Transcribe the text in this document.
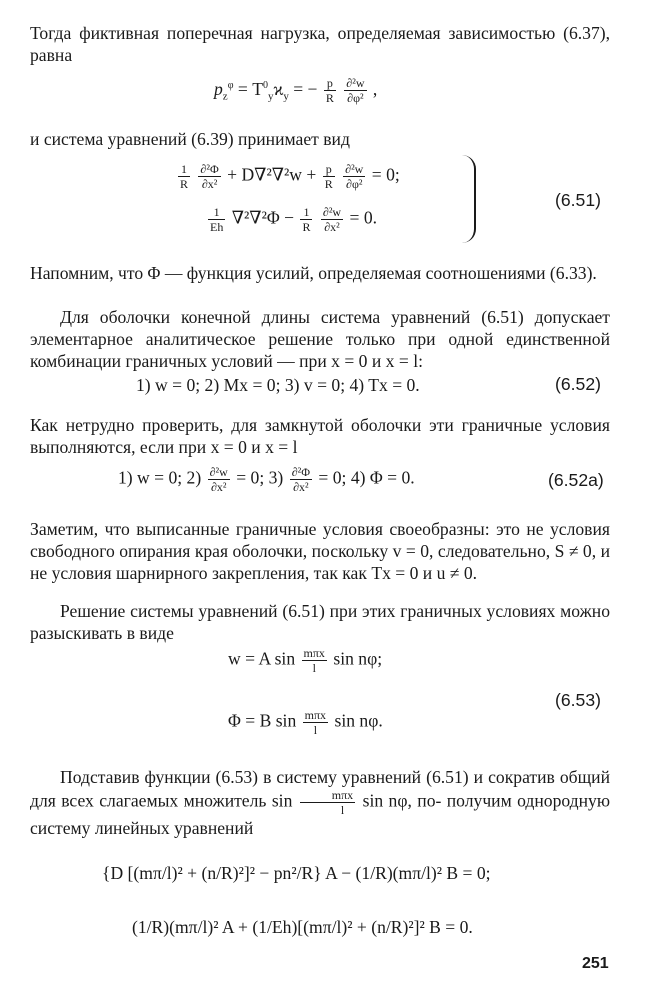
Тогда фиктивная поперечная нагрузка, определяемая зависимостью (6.37), равна
$p_z^\varphi = T^0_yϰ_y$ = − $\frac{p}{R}$
$\frac{\text{∂²w}}{\text{∂φ²}}$ ,
и система уравнений (6.39) принимает вид
$\frac{1}{R}$
$\frac{\text{∂²Φ}}{\text{∂x²}} + D\nabla^2\nabla^2w + \frac{p}{R}$
$\frac{\text{∂²w}}{\text{∂φ²}} = 0$;
$\frac{1}{Eh} \nabla^2\nabla^2\Phi - \frac{1}{R}$
$\frac{\text{∂²w}}{\text{∂x²}} = 0$.
(6.51)
Напомним, что Φ — функция усилий, определяемая соотношениями (6.33).
Для оболочки конечной длины система уравнений (6.51) допускает элементарное аналитическое решение только при одной единственной комбинации граничных условий — при x = 0 и x = l:
1) w = 0; 2) Mx = 0; 3) v = 0; 4) Tx = 0.	(6.52)
Как нетрудно проверить, для замкнутой оболочки эти граничные условия выполняются, если при x = 0 и x = l
1) w = 0; $2) \frac{\text{∂²w}}{\text{∂x²}} = 0$; $3) \frac{\text{∂²Φ}}{\text{∂x²}} = 0$; 4) Φ = 0.	(6.52a)
Заметим, что выписанные граничные условия своеобразны: это не условия свободного опирания края оболочки, поскольку v = 0, следовательно, S ≠ 0, и не условия шарнирного закрепления, так как Tx = 0 и u ≠ 0.
Решение системы уравнений (6.51) при этих граничных условиях можно разыскивать в виде
w = A $\sin \frac{\text{mπx}}{l}$ sin nφ;
(6.53)
Φ = B $\sin \frac{\text{mπx}}{l}$ sin nφ.
Подставив функции (6.53) в систему уравнений (6.51) и сократив общий для всех слагаемых множитель $\sin \frac{\text{mπx}}{l}$ sin nφ, по- получим однородную систему линейных уравнений
{D [(mπ/l)² + (n/R)²]² − pn²/R} A − (1/R)(mπ/l)² B = 0;
(1/R)(mπ/l)² A + (1/Eh)[(mπ/l)² + (n/R)²]² B = 0.
251
